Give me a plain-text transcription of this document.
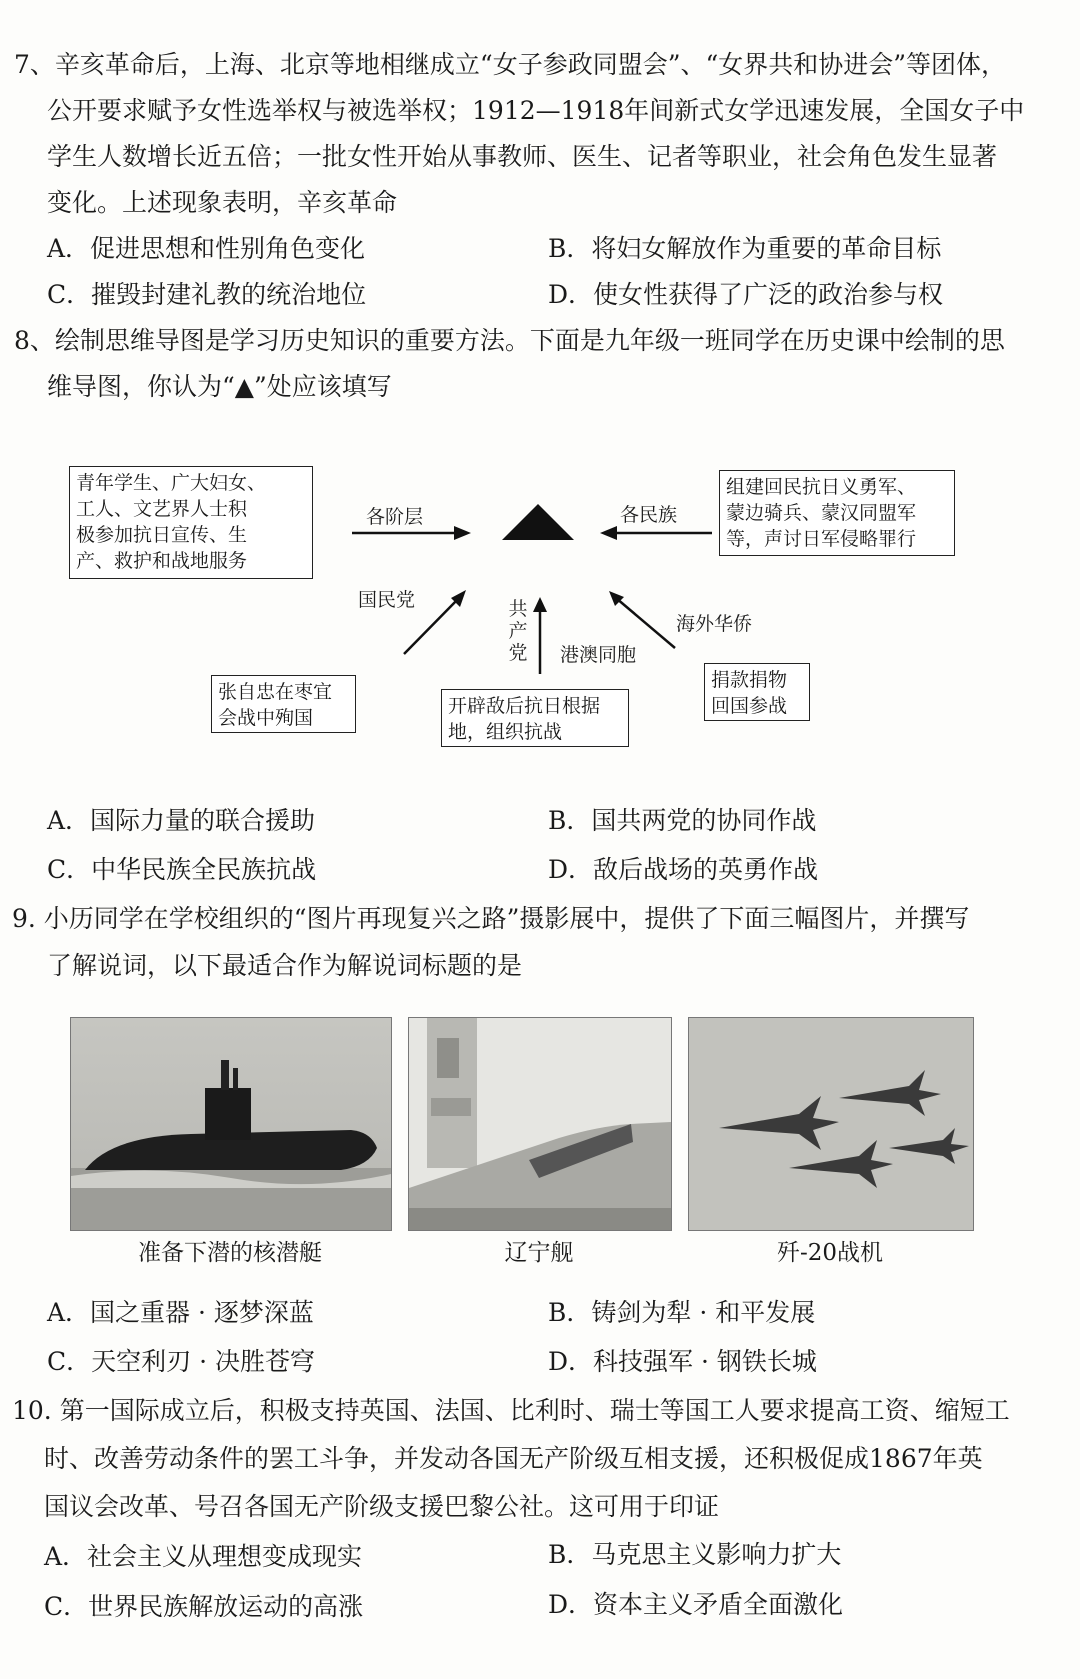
7、辛亥革命后，上海、北京等地相继成立“女子参政同盟会”、“女界共和协进会”等团体，
公开要求赋予女性选举权与被选举权；1912—1918年间新式女学迅速发展，全国女子中
学生人数增长近五倍；一批女性开始从事教师、医生、记者等职业，社会角色发生显著
变化。上述现象表明，辛亥革命
A．促进思想和性别角色变化	B．将妇女解放作为重要的革命目标
C．摧毁封建礼教的统治地位	D．使女性获得了广泛的政治参与权
8、绘制思维导图是学习历史知识的重要方法。下面是九年级一班同学在历史课中绘制的思
维导图，你认为“▲”处应该填写
青年学生、广大妇女、
工人、文艺界人士积
极参加抗日宣传、生
产、救护和战地服务
组建回民抗日义勇军、
蒙边骑兵、蒙汉同盟军
等，声讨日军侵略罪行
各阶层	各民族
国民党	共
产
党 港澳同胞
海外华侨
张自忠在枣宜
会战中殉国
开辟敌后抗日根据
地，组织抗战
捐款捐物
回国参战
A．国际力量的联合援助	B．国共两党的协同作战
C．中华民族全民族抗战	D．敌后战场的英勇作战
9. 小历同学在学校组织的“图片再现复兴之路”摄影展中，提供了下面三幅图片，并撰写
了解说词，以下最适合作为解说词标题的是
准备下潜的核潜艇	辽宁舰	歼-20战机
A．国之重器 · 逐梦深蓝	B．铸剑为犁 · 和平发展
C．天空利刃 · 决胜苍穹	D．科技强军 · 钢铁长城
10. 第一国际成立后，积极支持英国、法国、比利时、瑞士等国工人要求提高工资、缩短工
时、改善劳动条件的罢工斗争，并发动各国无产阶级互相支援，还积极促成1867年英
国议会改革、号召各国无产阶级支援巴黎公社。这可用于印证
A．社会主义从理想变成现实	B．马克思主义影响力扩大
C．世界民族解放运动的高涨	D．资本主义矛盾全面激化
